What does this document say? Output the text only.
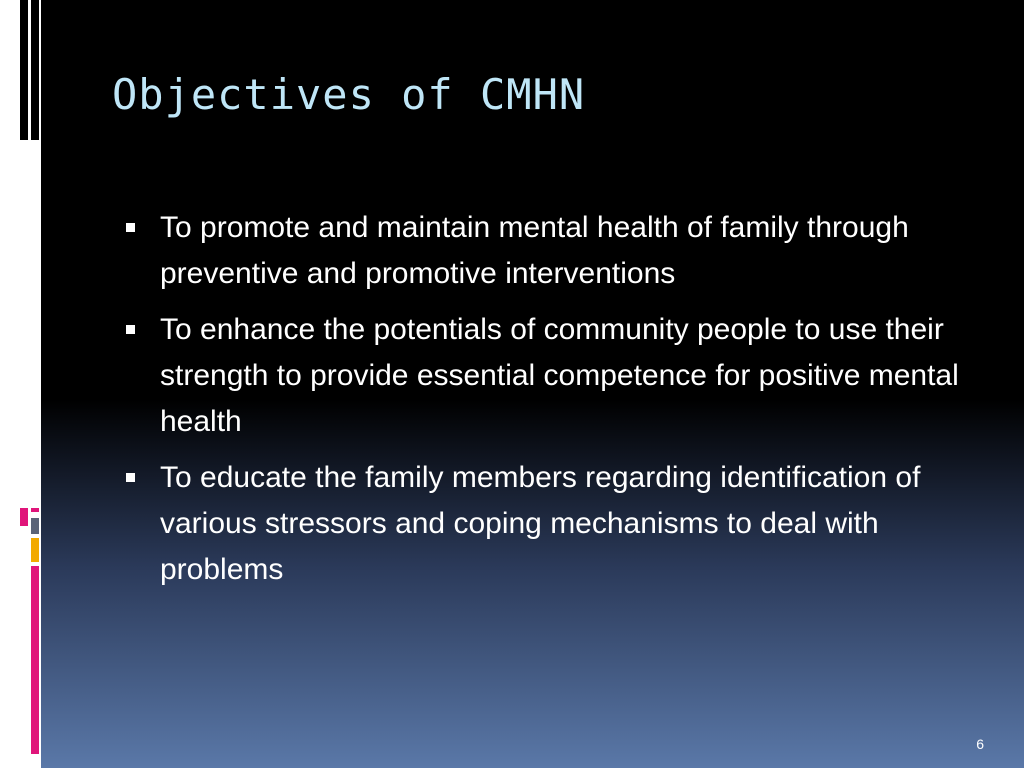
Objectives of CMHN
To promote and maintain mental health of family through preventive and promotive interventions
To enhance the potentials of community people to use their strength to provide essential competence for positive mental health
To educate the family members regarding identification of various stressors and coping mechanisms to deal with problems
6
